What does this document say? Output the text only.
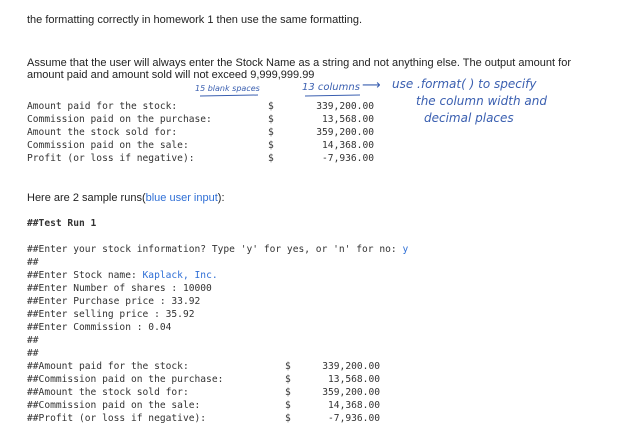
the formatting correctly in homework 1 then use the same formatting.
Assume that the user will always enter the Stock Name as a string and not anything else. The output amount for
amount paid and amount sold will not exceed 9,999,999.99
15 blank spaces	13 columns ⟶ use .format( ) to specify
the column width and
decimal places
Amount paid for the stock:
Commission paid on the purchase:
Amount the stock sold for:
Commission paid on the sale:
Profit (or loss if negative):
$
$
$
$
$
339,200.00
13,568.00
359,200.00
14,368.00
-7,936.00
Here are 2 sample runs(blue user input):
##Test Run 1
##Enter your stock information? Type 'y' for yes, or 'n' for no: y
##
##Enter Stock name: Kaplack, Inc.
##Enter Number of shares : 10000
##Enter Purchase price : 33.92
##Enter selling price : 35.92
##Enter Commission : 0.04
##
##
##Amount paid for the stock:
##Commission paid on the purchase:
##Amount the stock sold for:
##Commission paid on the sale:
##Profit (or loss if negative):
$
$
$
$
$
339,200.00
13,568.00
359,200.00
14,368.00
-7,936.00
